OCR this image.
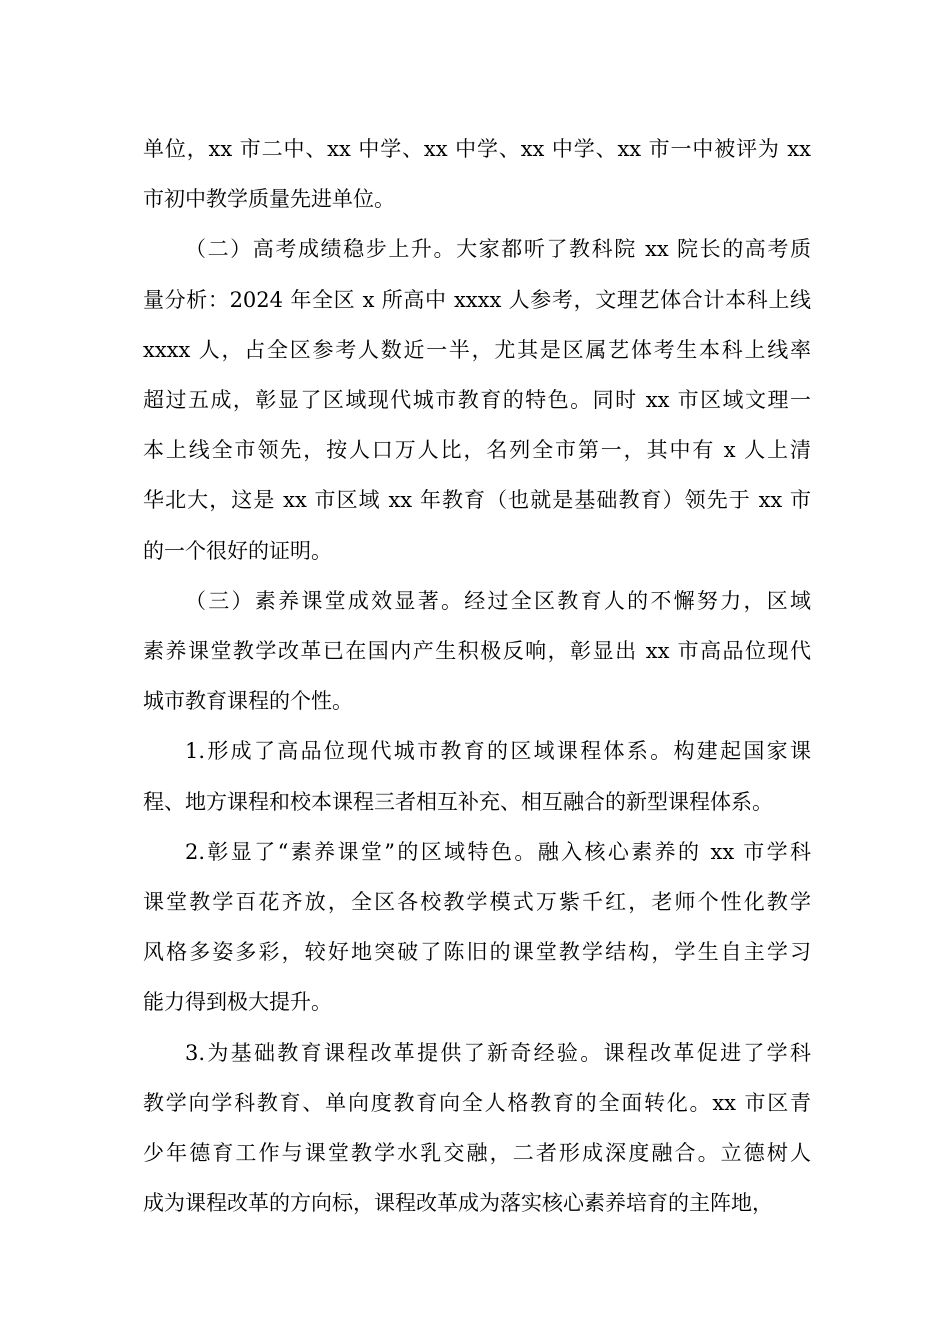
单位，xx 市二中、xx 中学、xx 中学、xx 中学、xx 市一中被评为 xx
市初中教学质量先进单位。
（二）高考成绩稳步上升。大家都听了教科院 xx 院长的高考质
量分析：2024 年全区 x 所高中 xxxx 人参考，文理艺体合计本科上线
xxxx 人，占全区参考人数近一半，尤其是区属艺体考生本科上线率
超过五成，彰显了区域现代城市教育的特色。同时 xx 市区域文理一
本上线全市领先，按人口万人比，名列全市第一，其中有 x 人上清
华北大，这是 xx 市区域 xx 年教育（也就是基础教育）领先于 xx 市
的一个很好的证明。
（三）素养课堂成效显著。经过全区教育人的不懈努力，区域
素养课堂教学改革已在国内产生积极反响，彰显出 xx 市高品位现代
城市教育课程的个性。
1.形成了高品位现代城市教育的区域课程体系。构建起国家课
程、地方课程和校本课程三者相互补充、相互融合的新型课程体系。
2.彰显了“素养课堂”的区域特色。融入核心素养的 xx 市学科
课堂教学百花齐放，全区各校教学模式万紫千红，老师个性化教学
风格多姿多彩，较好地突破了陈旧的课堂教学结构，学生自主学习
能力得到极大提升。
3.为基础教育课程改革提供了新奇经验。课程改革促进了学科
教学向学科教育、单向度教育向全人格教育的全面转化。xx 市区青
少年德育工作与课堂教学水乳交融，二者形成深度融合。立德树人
成为课程改革的方向标，课程改革成为落实核心素养培育的主阵地，
